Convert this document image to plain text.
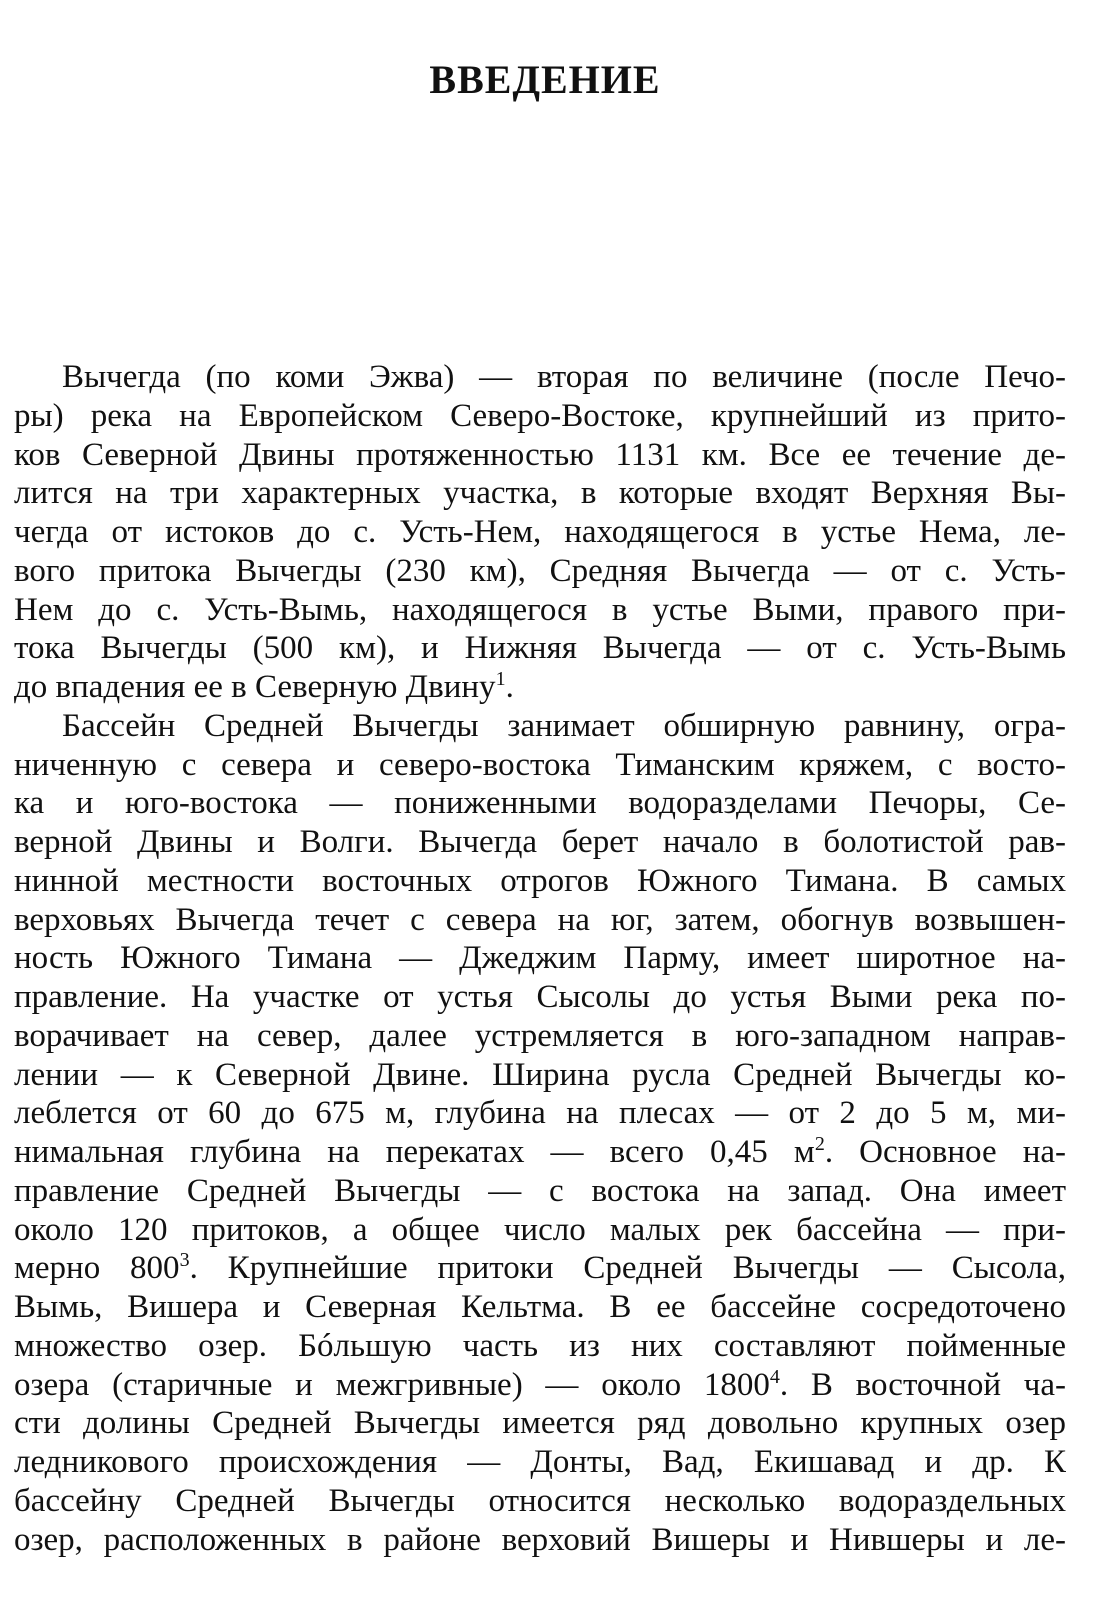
ВВЕДЕНИЕ
Вычегда (по коми Эжва) — вторая по величине (после Печо-
ры) река на Европейском Северо-Востоке, крупнейший из прито-
ков Северной Двины протяженностью 1131 км. Все ее течение де-
лится на три характерных участка, в которые входят Верхняя Вы-
чегда от истоков до с. Усть-Нем, находящегося в устье Нема, ле-
вого притока Вычегды (230 км), Средняя Вычегда — от с. Усть-
Нем до с. Усть-Вымь, находящегося в устье Выми, правого при-
тока Вычегды (500 км), и Нижняя Вычегда — от с. Усть-Вымь
до впадения ее в Северную Двину$^1$.
Бассейн Средней Вычегды занимает обширную равнину, огра-
ниченную с севера и северо-востока Тиманским кряжем, с восто-
ка и юго-востока — пониженными водоразделами Печоры, Се-
верной Двины и Волги. Вычегда берет начало в болотистой рав-
нинной местности восточных отрогов Южного Тимана. В самых
верховьях Вычегда течет с севера на юг, затем, обогнув возвышен-
ность Южного Тимана — Джеджим Парму, имеет широтное на-
правление. На участке от устья Сысолы до устья Выми река по-
ворачивает на север, далее устремляется в юго-западном направ-
лении — к Северной Двине. Ширина русла Средней Вычегды ко-
леблется от 60 до 675 м, глубина на плесах — от 2 до 5 м, ми-
нимальная глубина на перекатах — всего 0,45 $м^2$. Основное на-
правление Средней Вычегды — с востока на запад. Она имеет
около 120 притоков, а общее число малых рек бассейна — при-
мерно $800^3$. Крупнейшие притоки Средней Вычегды — Сысола,
Вымь, Вишера и Северная Кельтма. В ее бассейне сосредоточено
множество озер. Бóльшую часть из них составляют пойменные
озера (старичные и межгривные) — около 1800$^4$. В восточной ча-
сти долины Средней Вычегды имеется ряд довольно крупных озер
ледникового происхождения — Донты, Вад, Екишавад и др. К
бассейну Средней Вычегды относится несколько водораздельных
озер, расположенных в районе верховий Вишеры и Нившеры и ле-
